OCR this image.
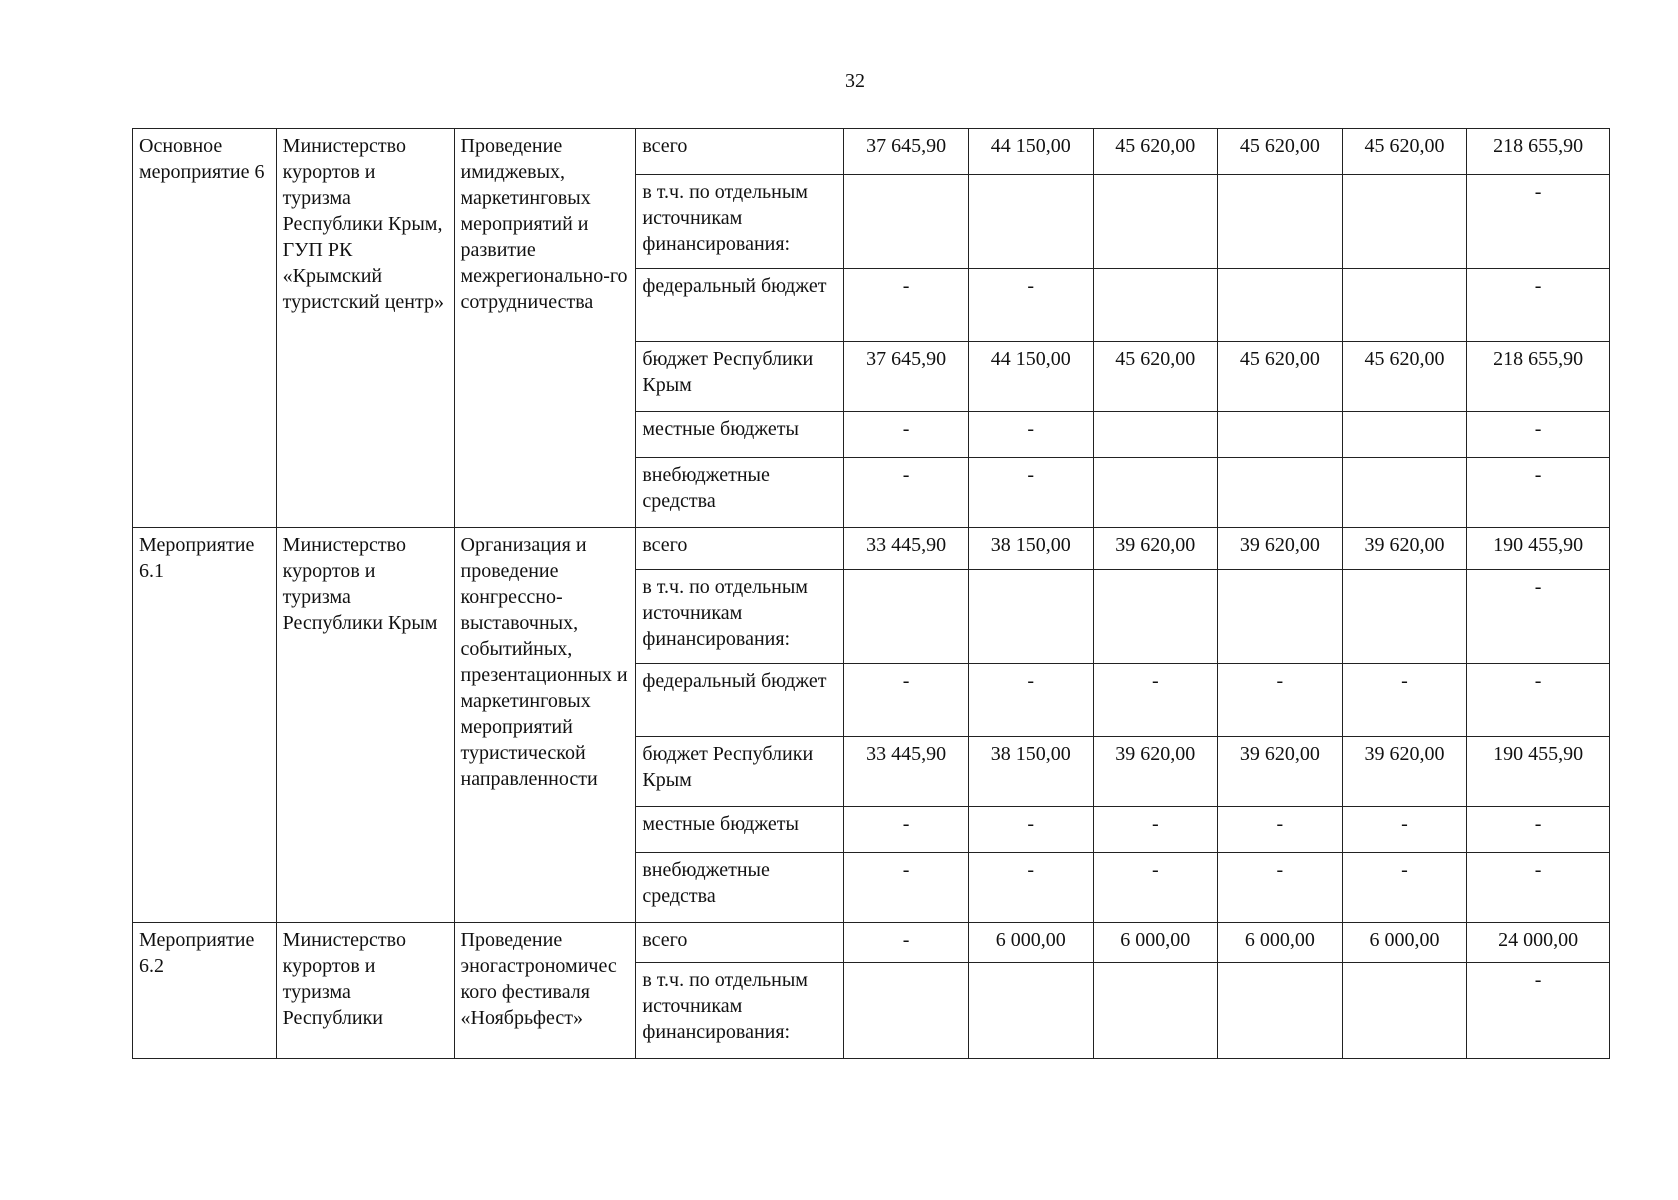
32
Основное мероприятие 6	Министерство курортов и туризма Республики Крым, ГУП РК «Крымский туристский центр»	Проведение имиджевых, маркетинговых мероприятий и развитие межрегионально-го сотрудничества	всего	37 645,90	44 150,00	45 620,00	45 620,00	45 620,00	218 655,90
			в т.ч. по отдельным источникам финансирования:						-
			федеральный бюджет	-	-				-
			бюджет Республики Крым	37 645,90	44 150,00	45 620,00	45 620,00	45 620,00	218 655,90
			местные бюджеты	-	-				-
			внебюджетные средства	-	-				-
Мероприятие 6.1	Министерство курортов и туризма Республики Крым	Организация и проведение конгрессно-выставочных, событийных, презентационных и маркетинговых мероприятий туристической направленности	всего	33 445,90	38 150,00	39 620,00	39 620,00	39 620,00	190 455,90
			в т.ч. по отдельным источникам финансирования:						-
			федеральный бюджет	-	-	-	-	-	-
			бюджет Республики Крым	33 445,90	38 150,00	39 620,00	39 620,00	39 620,00	190 455,90
			местные бюджеты	-	-	-	-	-	-
			внебюджетные средства	-	-	-	-	-	-
Мероприятие 6.2	Министерство курортов и туризма Республики	Проведение эногастрономичес кого фестиваля «Ноябрьфест»	всего	-	6 000,00	6 000,00	6 000,00	6 000,00	24 000,00
			в т.ч. по отдельным источникам финансирования:						-
